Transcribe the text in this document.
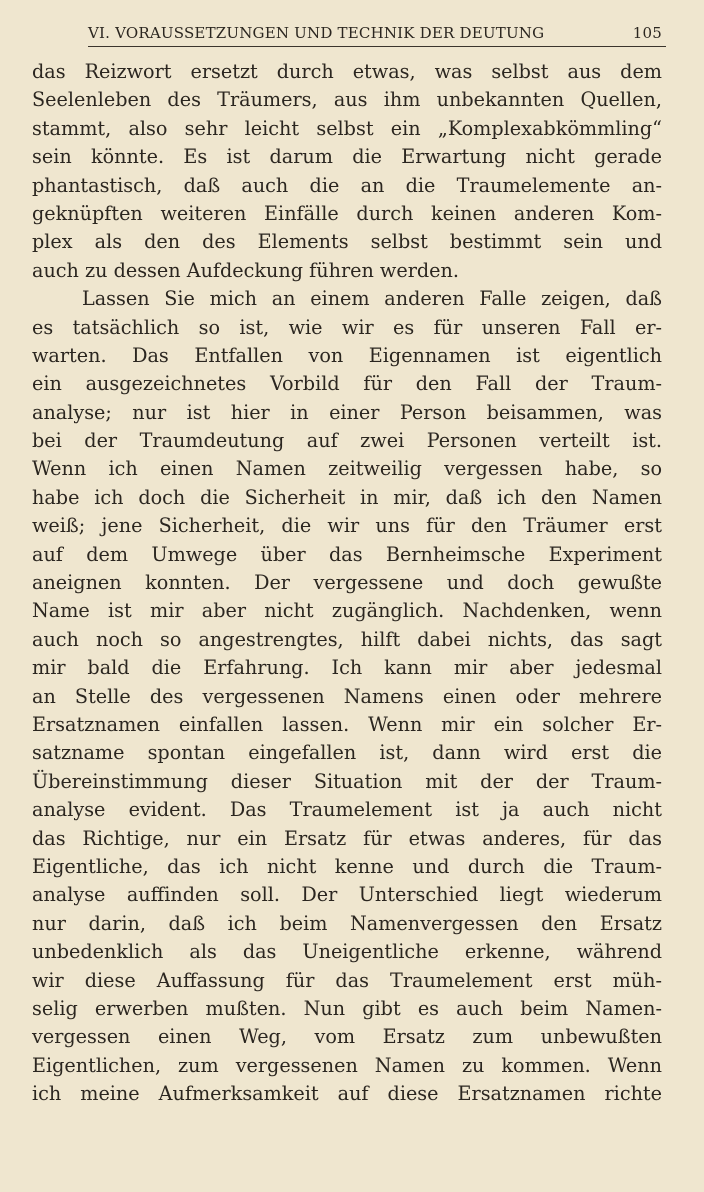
VI. VORAUSSETZUNGEN UND TECHNIK DER DEUTUNG	105
das Reizwort ersetzt durch etwas, was selbst aus dem
Seelenleben des Träumers, aus ihm unbekannten Quellen,
stammt, also sehr leicht selbst ein „Komplexabkömmling“
sein könnte. Es ist darum die Erwartung nicht gerade
phantastisch, daß auch die an die Traumelemente an-
geknüpften weiteren Einfälle durch keinen anderen Kom-
plex als den des Elements selbst bestimmt sein und
auch zu dessen Aufdeckung führen werden.
Lassen Sie mich an einem anderen Falle zeigen, daß
es tatsächlich so ist, wie wir es für unseren Fall er-
warten. Das Entfallen von Eigennamen ist eigentlich
ein ausgezeichnetes Vorbild für den Fall der Traum-
analyse; nur ist hier in einer Person beisammen, was
bei der Traumdeutung auf zwei Personen verteilt ist.
Wenn ich einen Namen zeitweilig vergessen habe, so
habe ich doch die Sicherheit in mir, daß ich den Namen
weiß; jene Sicherheit, die wir uns für den Träumer erst
auf dem Umwege über das Bernheimsche Experiment
aneignen konnten. Der vergessene und doch gewußte
Name ist mir aber nicht zugänglich. Nachdenken, wenn
auch noch so angestrengtes, hilft dabei nichts, das sagt
mir bald die Erfahrung. Ich kann mir aber jedesmal
an Stelle des vergessenen Namens einen oder mehrere
Ersatznamen einfallen lassen. Wenn mir ein solcher Er-
satzname spontan eingefallen ist, dann wird erst die
Übereinstimmung dieser Situation mit der der Traum-
analyse evident. Das Traumelement ist ja auch nicht
das Richtige, nur ein Ersatz für etwas anderes, für das
Eigentliche, das ich nicht kenne und durch die Traum-
analyse auffinden soll. Der Unterschied liegt wiederum
nur darin, daß ich beim Namenvergessen den Ersatz
unbedenklich als das Uneigentliche erkenne, während
wir diese Auffassung für das Traumelement erst müh-
selig erwerben mußten. Nun gibt es auch beim Namen-
vergessen einen Weg, vom Ersatz zum unbewußten
Eigentlichen, zum vergessenen Namen zu kommen. Wenn
ich meine Aufmerksamkeit auf diese Ersatznamen richte
